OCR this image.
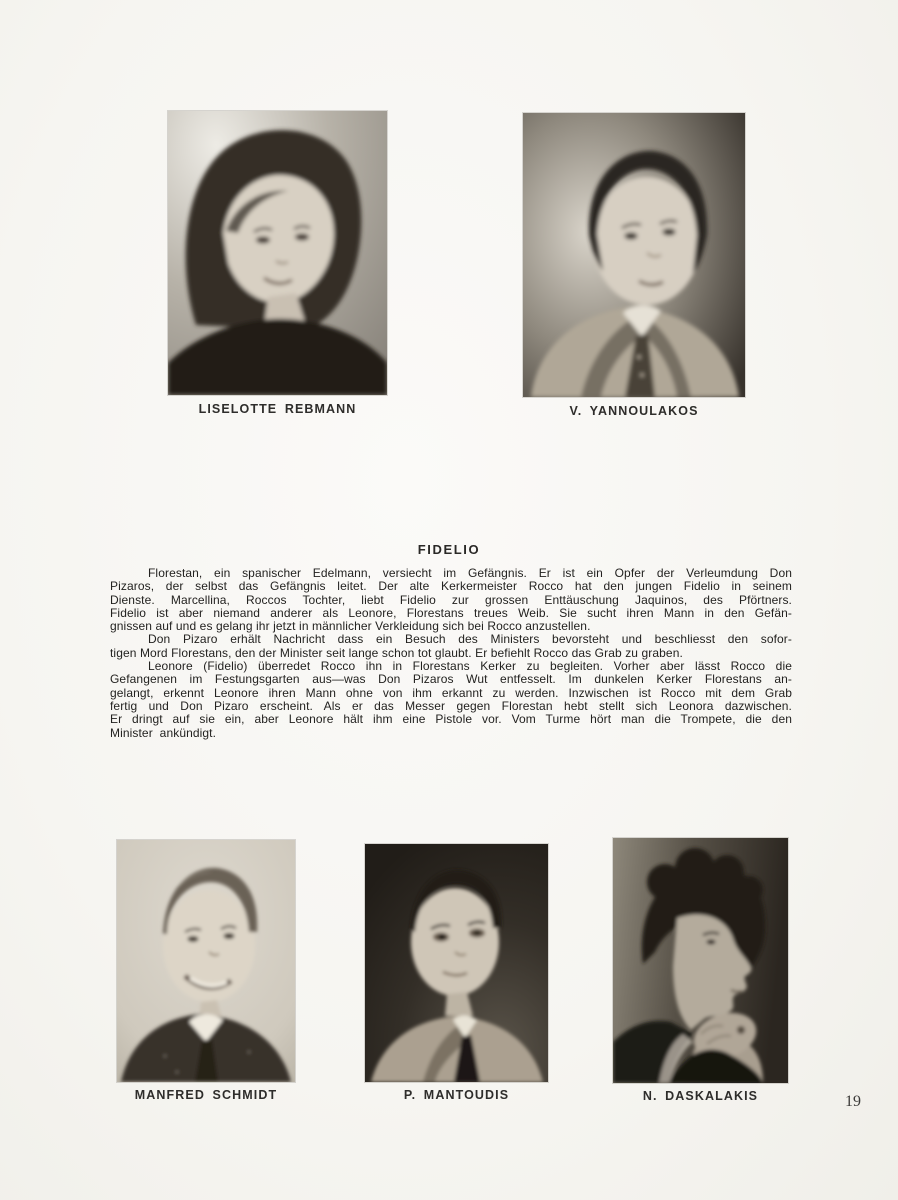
LISELOTTE REBMANN	V. YANNOULAKOS
FIDELIO
Florestan, ein spanischer Edelmann, versiecht im Gefängnis. Er ist ein Opfer der Verleumdung Don
Pizaros, der selbst das Gefängnis leitet. Der alte Kerkermeister Rocco hat den jungen Fidelio in seinem
Dienste. Marcellina, Roccos Tochter, liebt Fidelio zur grossen Enttäuschung Jaquinos, des Pförtners.
Fidelio ist aber niemand anderer als Leonore, Florestans treues Weib. Sie sucht ihren Mann in den Gefän-
gnissen auf und es gelang ihr jetzt in männlicher Verkleidung sich bei Rocco anzustellen.
Don Pizaro erhält Nachricht dass ein Besuch des Ministers bevorsteht und beschliesst den sofor-
tigen Mord Florestans, den der Minister seit lange schon tot glaubt. Er befiehlt Rocco das Grab zu graben.
Leonore (Fidelio) überredet Rocco ihn in Florestans Kerker zu begleiten. Vorher aber lässt Rocco die
Gefangenen im Festungsgarten aus—was Don Pizaros Wut entfesselt. Im dunkelen Kerker Florestans an-
gelangt, erkennt Leonore ihren Mann ohne von ihm erkannt zu werden. Inzwischen ist Rocco mit dem Grab
fertig und Don Pizaro erscheint. Als er das Messer gegen Florestan hebt stellt sich Leonora dazwischen.
Er dringt auf sie ein, aber Leonore hält ihm eine Pistole vor. Vom Turme hört man die Trompete, die den
Minister  ankündigt.
MANFRED SCHMIDT	P. MANTOUDIS	N. DASKALAKIS	19
